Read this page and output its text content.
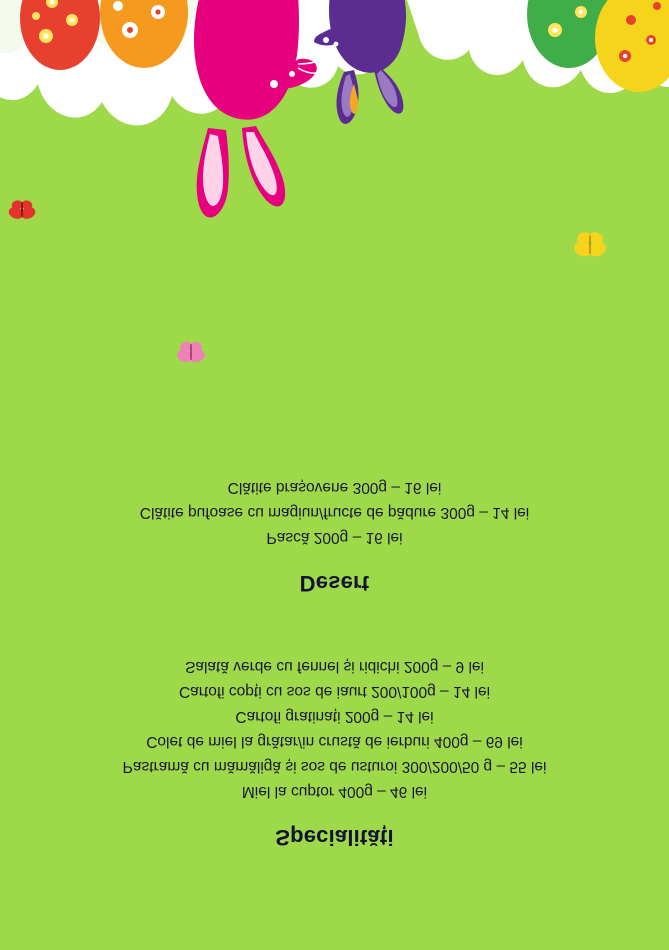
Specialități
Miel la cuptor 400g – 46 lei
Pastramă cu mămăligă și sos de usturoi 300/200/50 g – 55 lei
Colet de miel la grătar/in crustă de ierburi 400g – 69 lei
Cartofi gratinați 200g – 14 lei
Cartofi copți cu sos de iaurt 200/100g – 14 lei
Salată verde cu fennel și ridichi 200g – 9 lei
Desert
Pască 200g – 16 lei
Clătite pufoase cu magiun/fructe de pădure 300g – 14 lei
Clătite brașovene 300g – 16 lei
